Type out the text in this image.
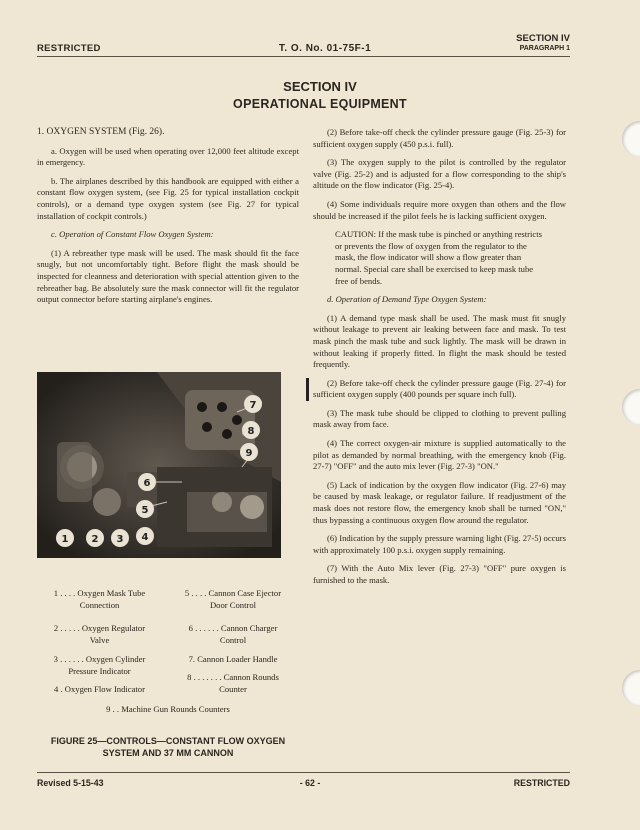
RESTRICTED	T. O. No. 01-75F-1
SECTION IV
PARAGRAPH 1
SECTION IV
OPERATIONAL EQUIPMENT

1. OXYGEN SYSTEM (Fig. 26).

a. Oxygen will be used when operating over 12,000 feet altitude except in emergency.

b. The airplanes described by this handbook are equipped with either a constant flow oxygen system, (see Fig. 25 for typical installation cockpit controls), or a demand type oxygen system (see Fig. 27 for typical installation of cockpit controls.)

c. Operation of Constant Flow Oxygen System:

(1) A rebreather type mask will be used. The mask should fit the face snugly, but not uncomfortably tight. Before flight the mask should be inspected for cleanness and deterioration with special attention given to the rebreather bag. Be absolutely sure the mask connector will fit the regulator output connector before starting airplane's engines.

1 2 3 4
5
6
7
8
9
1 . . . . Oxygen Mask Tube
Connection
2 . . . . . Oxygen Regulator
Valve
3 . . . . . . Oxygen Cylinder
Pressure Indicator
4 . Oxygen Flow Indicator
5 . . . . Cannon Case Ejector
Door Control
6 . . . . . . Cannon Charger
Control
7. Cannon Loader Handle
8 . . . . . . . Cannon Rounds
Counter
9 . . Machine Gun Rounds Counters
FIGURE 25—CONTROLS—CONSTANT FLOW OXYGEN
SYSTEM AND 37 MM CANNON

(2) Before take-off check the cylinder pressure gauge (Fig. 25-3) for sufficient oxygen supply (450 p.s.i. full).

(3) The oxygen supply to the pilot is controlled by the regulator valve (Fig. 25-2) and is adjusted for a flow corresponding to the ship's altitude on the flow indicator (Fig. 25-4).

(4) Some individuals require more oxygen than others and the flow should be increased if the pilot feels he is lacking sufficient oxygen.

CAUTION: If the mask tube is pinched or anything restricts or prevents the flow of oxygen from the regulator to the mask, the flow indicator will show a flow greater than normal. Special care shall be exercised to keep mask tube free of bends.

d. Operation of Demand Type Oxygen System:

(1) A demand type mask shall be used. The mask must fit snugly without leakage to prevent air leaking between face and mask. To test mask pinch the mask tube and suck lightly. The mask will be drawn in without leaking if properly fitted. In flight the mask should be tested frequently.

(2) Before take-off check the cylinder pressure gauge (Fig. 27-4) for sufficient oxygen supply (400 pounds per square inch full).

(3) The mask tube should be clipped to clothing to prevent pulling mask away from face.

(4) The correct oxygen-air mixture is supplied automatically to the pilot as demanded by normal breathing, with the emergency knob (Fig. 27-7) "OFF" and the auto mix lever (Fig. 27-3) "ON."

(5) Lack of indication by the oxygen flow indicator (Fig. 27-6) may be caused by mask leakage, or regulator failure. If readjustment of the mask does not restore flow, the emergency knob shall be turned "ON," thus bypassing a continuous oxygen flow around the regulator.

(6) Indication by the supply pressure warning light (Fig. 27-5) occurs with approximately 100 p.s.i. oxygen supply remaining.

(7) With the Auto Mix lever (Fig. 27-3) "OFF" pure oxygen is furnished to the mask.

Revised 5-15-43	- 62 -	RESTRICTED
